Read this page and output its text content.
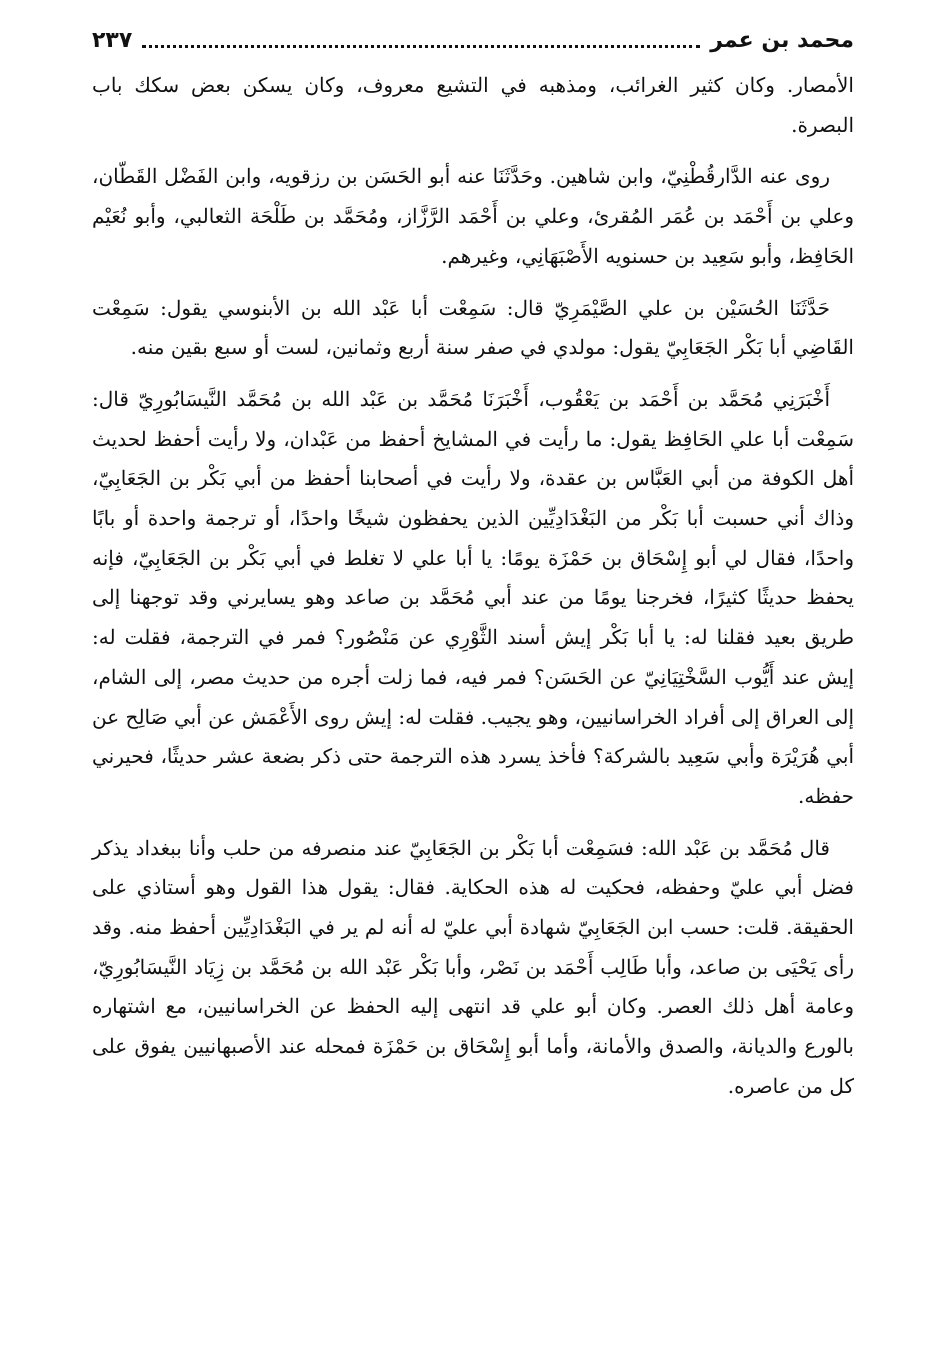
محمد بن عمر
٢٣٧

الأمصار. وكان كثير الغرائب، ومذهبه في التشيع معروف، وكان يسكن بعض سكك باب البصرة.

روى عنه الدَّارقُطْنِيّ، وابن شاهين. وحَدَّثَنَا عنه أبو الحَسَن بن رزقويه، وابن الفَضْل القَطّان، وعلي بن أَحْمَد بن عُمَر المُقرئ، وعلي بن أَحْمَد الرَّزَّاز، ومُحَمَّد بن طَلْحَة الثعالبي، وأبو نُعَيْم الحَافِظ، وأبو سَعِيد بن حسنويه الأَصْبَهَانِي، وغيرهم.

حَدَّثَنَا الحُسَيْن بن علي الصَّيْمَرِيّ قال: سَمِعْت أبا عَبْد الله بن الأبنوسي يقول: سَمِعْت القَاضِي أبا بَكْر الجَعَابِيّ يقول: مولدي في صفر سنة أربع وثمانين، لست أو سبع بقين منه.

أَخْبَرَنِي مُحَمَّد بن أَحْمَد بن يَعْقُوب، أَخْبَرَنَا مُحَمَّد بن عَبْد الله بن مُحَمَّد النَّيسَابُورِيّ قال: سَمِعْت أبا علي الحَافِظ يقول: ما رأيت في المشايخ أحفظ من عَبْدان، ولا رأيت أحفظ لحديث أهل الكوفة من أبي العَبَّاس بن عقدة، ولا رأيت في أصحابنا أحفظ من أبي بَكْر بن الجَعَابِيّ، وذاك أني حسبت أبا بَكْر من البَغْدَادِيِّين الذين يحفظون شيخًا واحدًا، أو ترجمة واحدة أو بابًا واحدًا، فقال لي أبو إِسْحَاق بن حَمْزَة يومًا: يا أبا علي لا تغلط في أبي بَكْر بن الجَعَابِيّ، فإنه يحفظ حديثًا كثيرًا، فخرجنا يومًا من عند أبي مُحَمَّد بن صاعد وهو يسايرني وقد توجهنا إلى طريق بعيد فقلنا له: يا أبا بَكْر إيش أسند الثَّوْرِي عن مَنْصُور؟ فمر في الترجمة، فقلت له: إيش عند أَيُّوب السَّخْتِيَانِيّ عن الحَسَن؟ فمر فيه، فما زلت أجره من حديث مصر، إلى الشام، إلى العراق إلى أفراد الخراسانيين، وهو يجيب. فقلت له: إيش روى الأَعْمَش عن أبي صَالِح عن أبي هُرَيْرَة وأبي سَعِيد بالشركة؟ فأخذ يسرد هذه الترجمة حتى ذكر بضعة عشر حديثًا، فحيرني حفظه.

قال مُحَمَّد بن عَبْد الله: فسَمِعْت أبا بَكْر بن الجَعَابِيّ عند منصرفه من حلب وأنا ببغداد يذكر فضل أبي عليّ وحفظه، فحكيت له هذه الحكاية. فقال: يقول هذا القول وهو أستاذي على الحقيقة. قلت: حسب ابن الجَعَابِيّ شهادة أبي عليّ له أنه لم ير في البَغْدَادِيِّين أحفظ منه. وقد رأى يَحْيَى بن صاعد، وأبا طَالِب أَحْمَد بن نَصْر، وأبا بَكْر عَبْد الله بن مُحَمَّد بن زِيَاد النَّيسَابُورِيّ، وعامة أهل ذلك العصر. وكان أبو علي قد انتهى إليه الحفظ عن الخراسانيين، مع اشتهاره بالورع والديانة، والصدق والأمانة، وأما أبو إِسْحَاق بن حَمْزَة فمحله عند الأصبهانيين يفوق على كل من عاصره.
